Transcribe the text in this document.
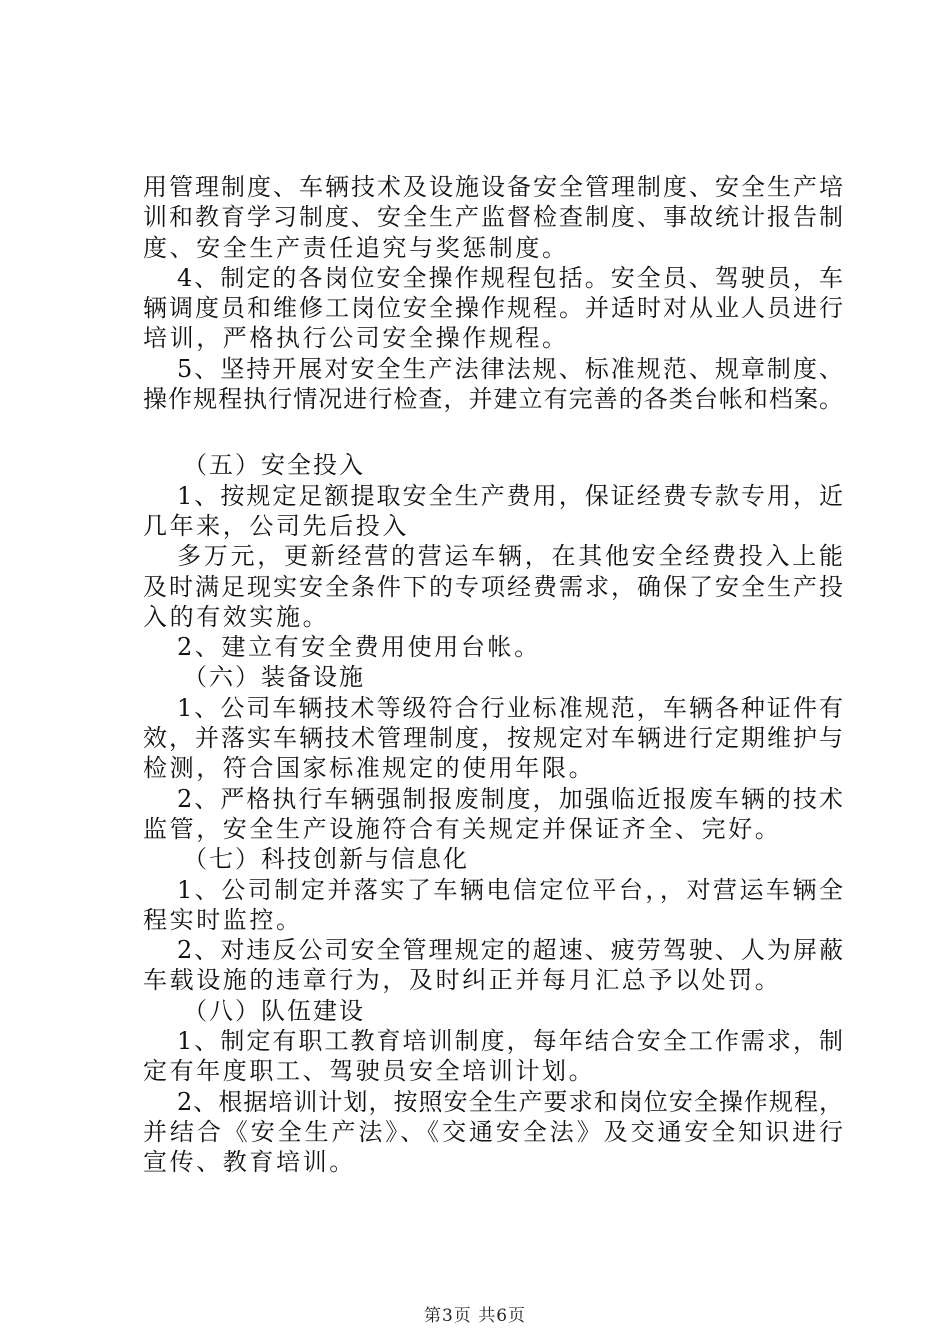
用管理制度、车辆技术及设施设备安全管理制度、安全生产培
训和教育学习制度、安全生产监督检查制度、事故统计报告制
度、安全生产责任追究与奖惩制度。
4、制定的各岗位安全操作规程包括。安全员、驾驶员，车
辆调度员和维修工岗位安全操作规程。并适时对从业人员进行
培训，严格执行公司安全操作规程。
5、坚持开展对安全生产法律法规、标准规范、规章制度、
操作规程执行情况进行检查，并建立有完善的各类台帐和档案。
（五）安全投入
1、按规定足额提取安全生产费用，保证经费专款专用，近
几年来，公司先后投入
多万元，更新经营的营运车辆，在其他安全经费投入上能
及时满足现实安全条件下的专项经费需求，确保了安全生产投
入的有效实施。
2、建立有安全费用使用台帐。
（六）装备设施
1、公司车辆技术等级符合行业标准规范，车辆各种证件有
效，并落实车辆技术管理制度，按规定对车辆进行定期维护与
检测，符合国家标准规定的使用年限。
2、严格执行车辆强制报废制度，加强临近报废车辆的技术
监管，安全生产设施符合有关规定并保证齐全、完好。
（七）科技创新与信息化
1、公司制定并落实了车辆电信定位平台，，对营运车辆全
程实时监控。
2、对违反公司安全管理规定的超速、疲劳驾驶、人为屏蔽
车载设施的违章行为，及时纠正并每月汇总予以处罚。
（八）队伍建设
1、制定有职工教育培训制度，每年结合安全工作需求，制
定有年度职工、驾驶员安全培训计划。
2、根据培训计划，按照安全生产要求和岗位安全操作规程，
并结合《安全生产法》、《交通安全法》及交通安全知识进行
宣传、教育培训。
第3页 共6页
